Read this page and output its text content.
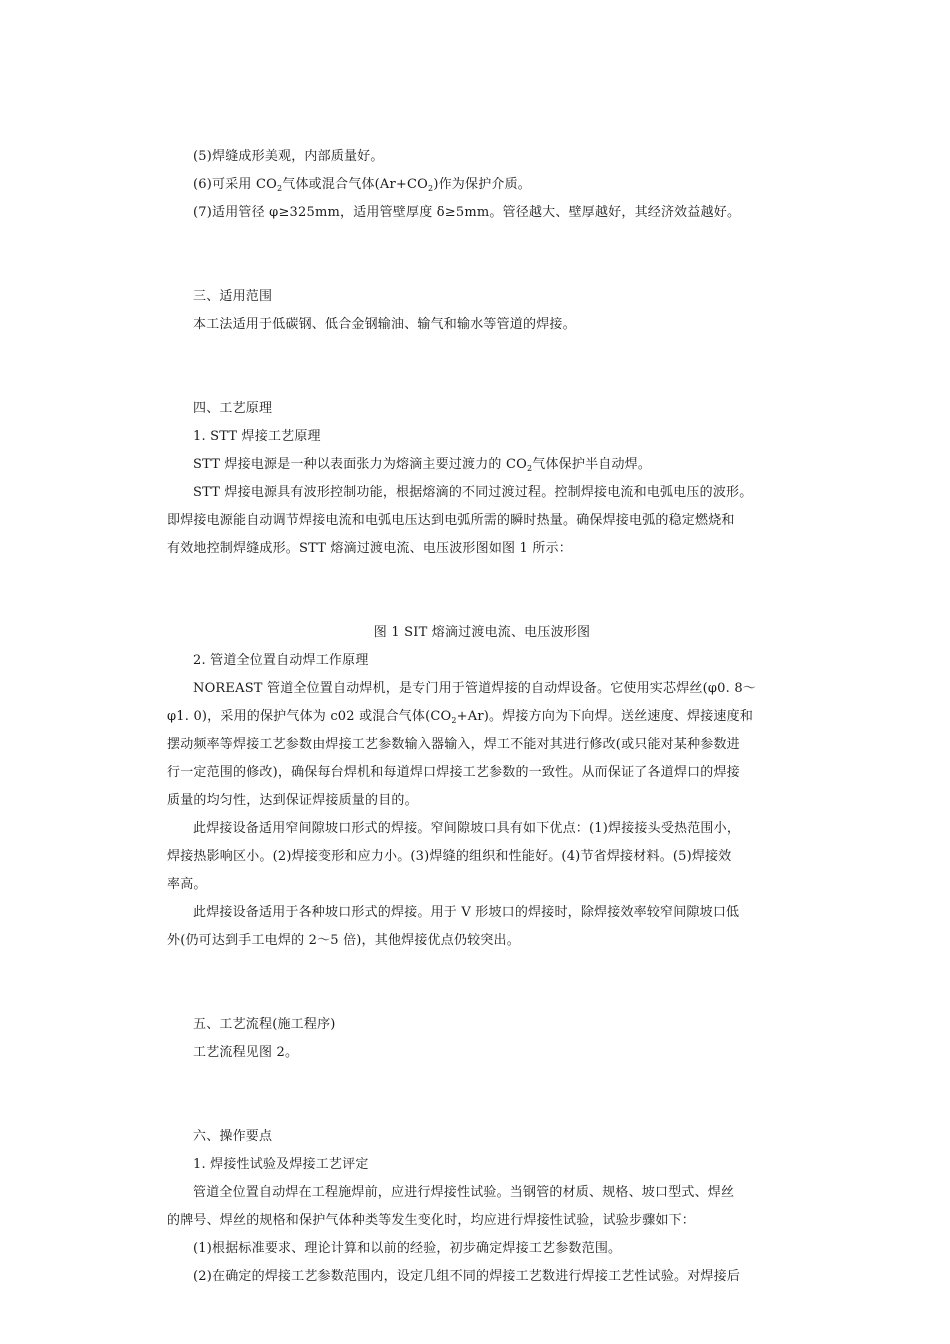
(5)焊缝成形美观，内部质量好。
(6)可采用 $CO_2$气体或混合气体$(Ar+CO_2)$作为保护介质。
(7)适用管径 φ≥325mm，适用管壁厚度 δ≥5mm。管径越大、壁厚越好，其经济效益越好。
三、适用范围
本工法适用于低碳钢、低合金钢输油、输气和输水等管道的焊接。
四、工艺原理
1. STT 焊接工艺原理
STT 焊接电源是一种以表面张力为熔滴主要过渡力的 $CO_2$气体保护半自动焊。
STT 焊接电源具有波形控制功能，根据熔滴的不同过渡过程。控制焊接电流和电弧电压的波形。
即焊接电源能自动调节焊接电流和电弧电压达到电弧所需的瞬时热量。确保焊接电弧的稳定燃烧和
有效地控制焊缝成形。STT 熔滴过渡电流、电压波形图如图 1 所示：
图 1 SIT 熔滴过渡电流、电压波形图
2. 管道全位置自动焊工作原理
NOREAST 管道全位置自动焊机，是专门用于管道焊接的自动焊设备。它使用实芯焊丝(φ0. 8～
φ1. 0)，采用的保护气体为 c02 或混合气体$(CO_2+Ar)$。焊接方向为下向焊。送丝速度、焊接速度和
摆动频率等焊接工艺参数由焊接工艺参数输入器输入，焊工不能对其进行修改(或只能对某种参数进
行一定范围的修改)，确保每台焊机和每道焊口焊接工艺参数的一致性。从而保证了各道焊口的焊接
质量的均匀性，达到保证焊接质量的目的。
此焊接设备适用窄间隙坡口形式的焊接。窄间隙坡口具有如下优点：(1)焊接接头受热范围小，
焊接热影响区小。(2)焊接变形和应力小。(3)焊缝的组织和性能好。(4)节省焊接材料。(5)焊接效
率高。
此焊接设备适用于各种坡口形式的焊接。用于 V 形坡口的焊接时，除焊接效率较窄间隙坡口低
外(仍可达到手工电焊的 2～5 倍)，其他焊接优点仍较突出。
五、工艺流程(施工程序)
工艺流程见图 2。
六、操作要点
1. 焊接性试验及焊接工艺评定
管道全位置自动焊在工程施焊前，应进行焊接性试验。当钢管的材质、规格、坡口型式、焊丝
的牌号、焊丝的规格和保护气体种类等发生变化时，均应进行焊接性试验，试验步骤如下：
(1)根据标准要求、理论计算和以前的经验，初步确定焊接工艺参数范围。
(2)在确定的焊接工艺参数范围内，设定几组不同的焊接工艺数进行焊接工艺性试验。对焊接后
